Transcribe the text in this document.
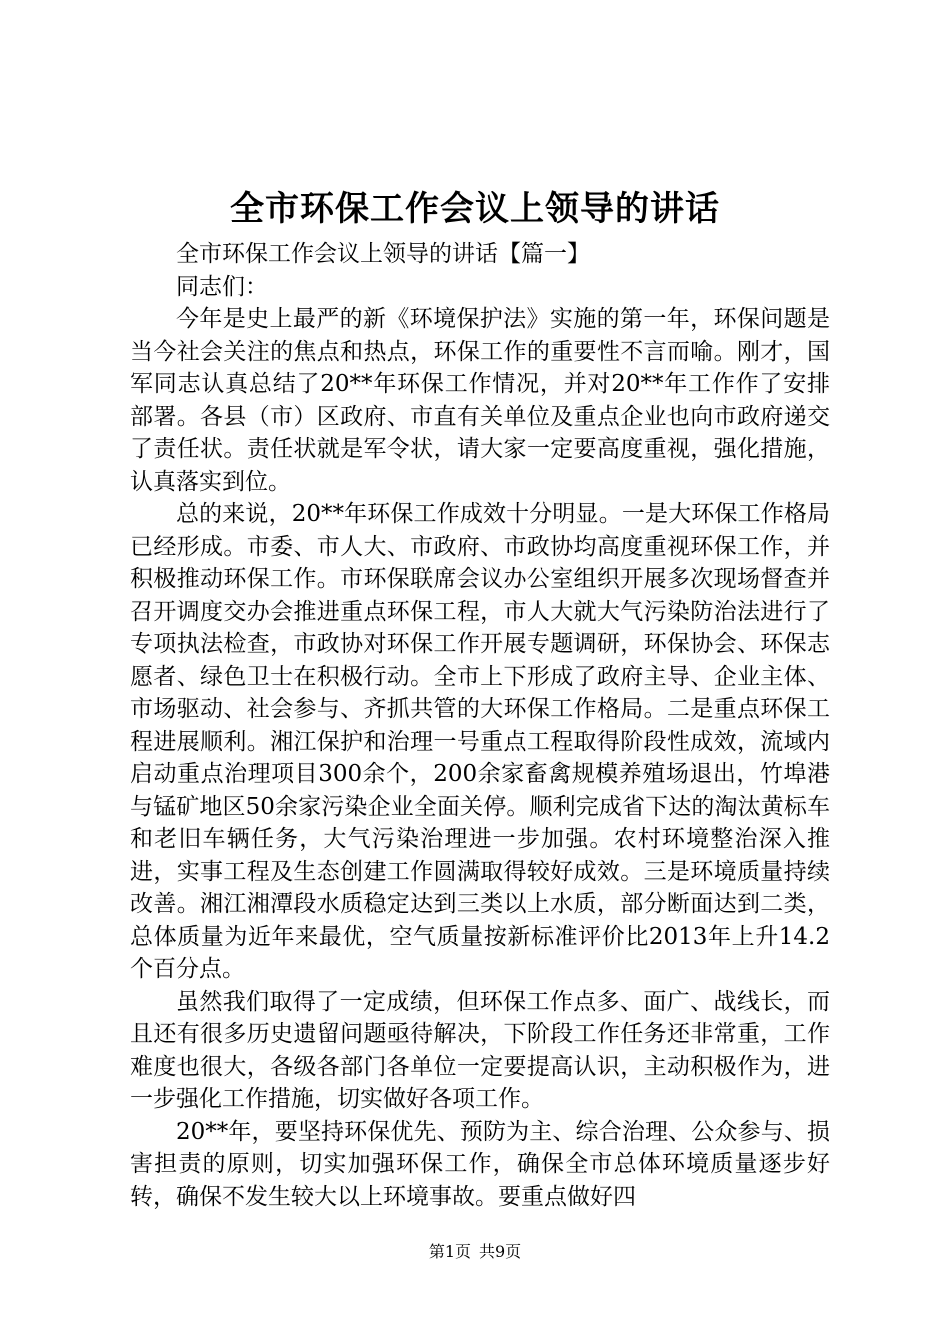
全市环保工作会议上领导的讲话

全市环保工作会议上领导的讲话【篇一】

同志们：

今年是史上最严的新《环境保护法》实施的第一年，环保问题是当今社会关注的焦点和热点，环保工作的重要性不言而喻。刚才，国军同志认真总结了20**年环保工作情况，并对20**年工作作了安排部署。各县（市）区政府、市直有关单位及重点企业也向市政府递交了责任状。责任状就是军令状，请大家一定要高度重视，强化措施，认真落实到位。

总的来说，20**年环保工作成效十分明显。一是大环保工作格局已经形成。市委、市人大、市政府、市政协均高度重视环保工作，并积极推动环保工作。市环保联席会议办公室组织开展多次现场督查并召开调度交办会推进重点环保工程，市人大就大气污染防治法进行了专项执法检查，市政协对环保工作开展专题调研，环保协会、环保志愿者、绿色卫士在积极行动。全市上下形成了政府主导、企业主体、市场驱动、社会参与、齐抓共管的大环保工作格局。二是重点环保工程进展顺利。湘江保护和治理一号重点工程取得阶段性成效，流域内启动重点治理项目300余个，200余家畜禽规模养殖场退出，竹埠港与锰矿地区50余家污染企业全面关停。顺利完成省下达的淘汰黄标车和老旧车辆任务，大气污染治理进一步加强。农村环境整治深入推进，实事工程及生态创建工作圆满取得较好成效。三是环境质量持续改善。湘江湘潭段水质稳定达到三类以上水质，部分断面达到二类，总体质量为近年来最优，空气质量按新标准评价比2013年上升14.2个百分点。

虽然我们取得了一定成绩，但环保工作点多、面广、战线长，而且还有很多历史遗留问题亟待解决，下阶段工作任务还非常重，工作难度也很大，各级各部门各单位一定要提高认识，主动积极作为，进一步强化工作措施，切实做好各项工作。

20**年，要坚持环保优先、预防为主、综合治理、公众参与、损害担责的原则，切实加强环保工作，确保全市总体环境质量逐步好转，确保不发生较大以上环境事故。要重点做好四

第1页 共9页
